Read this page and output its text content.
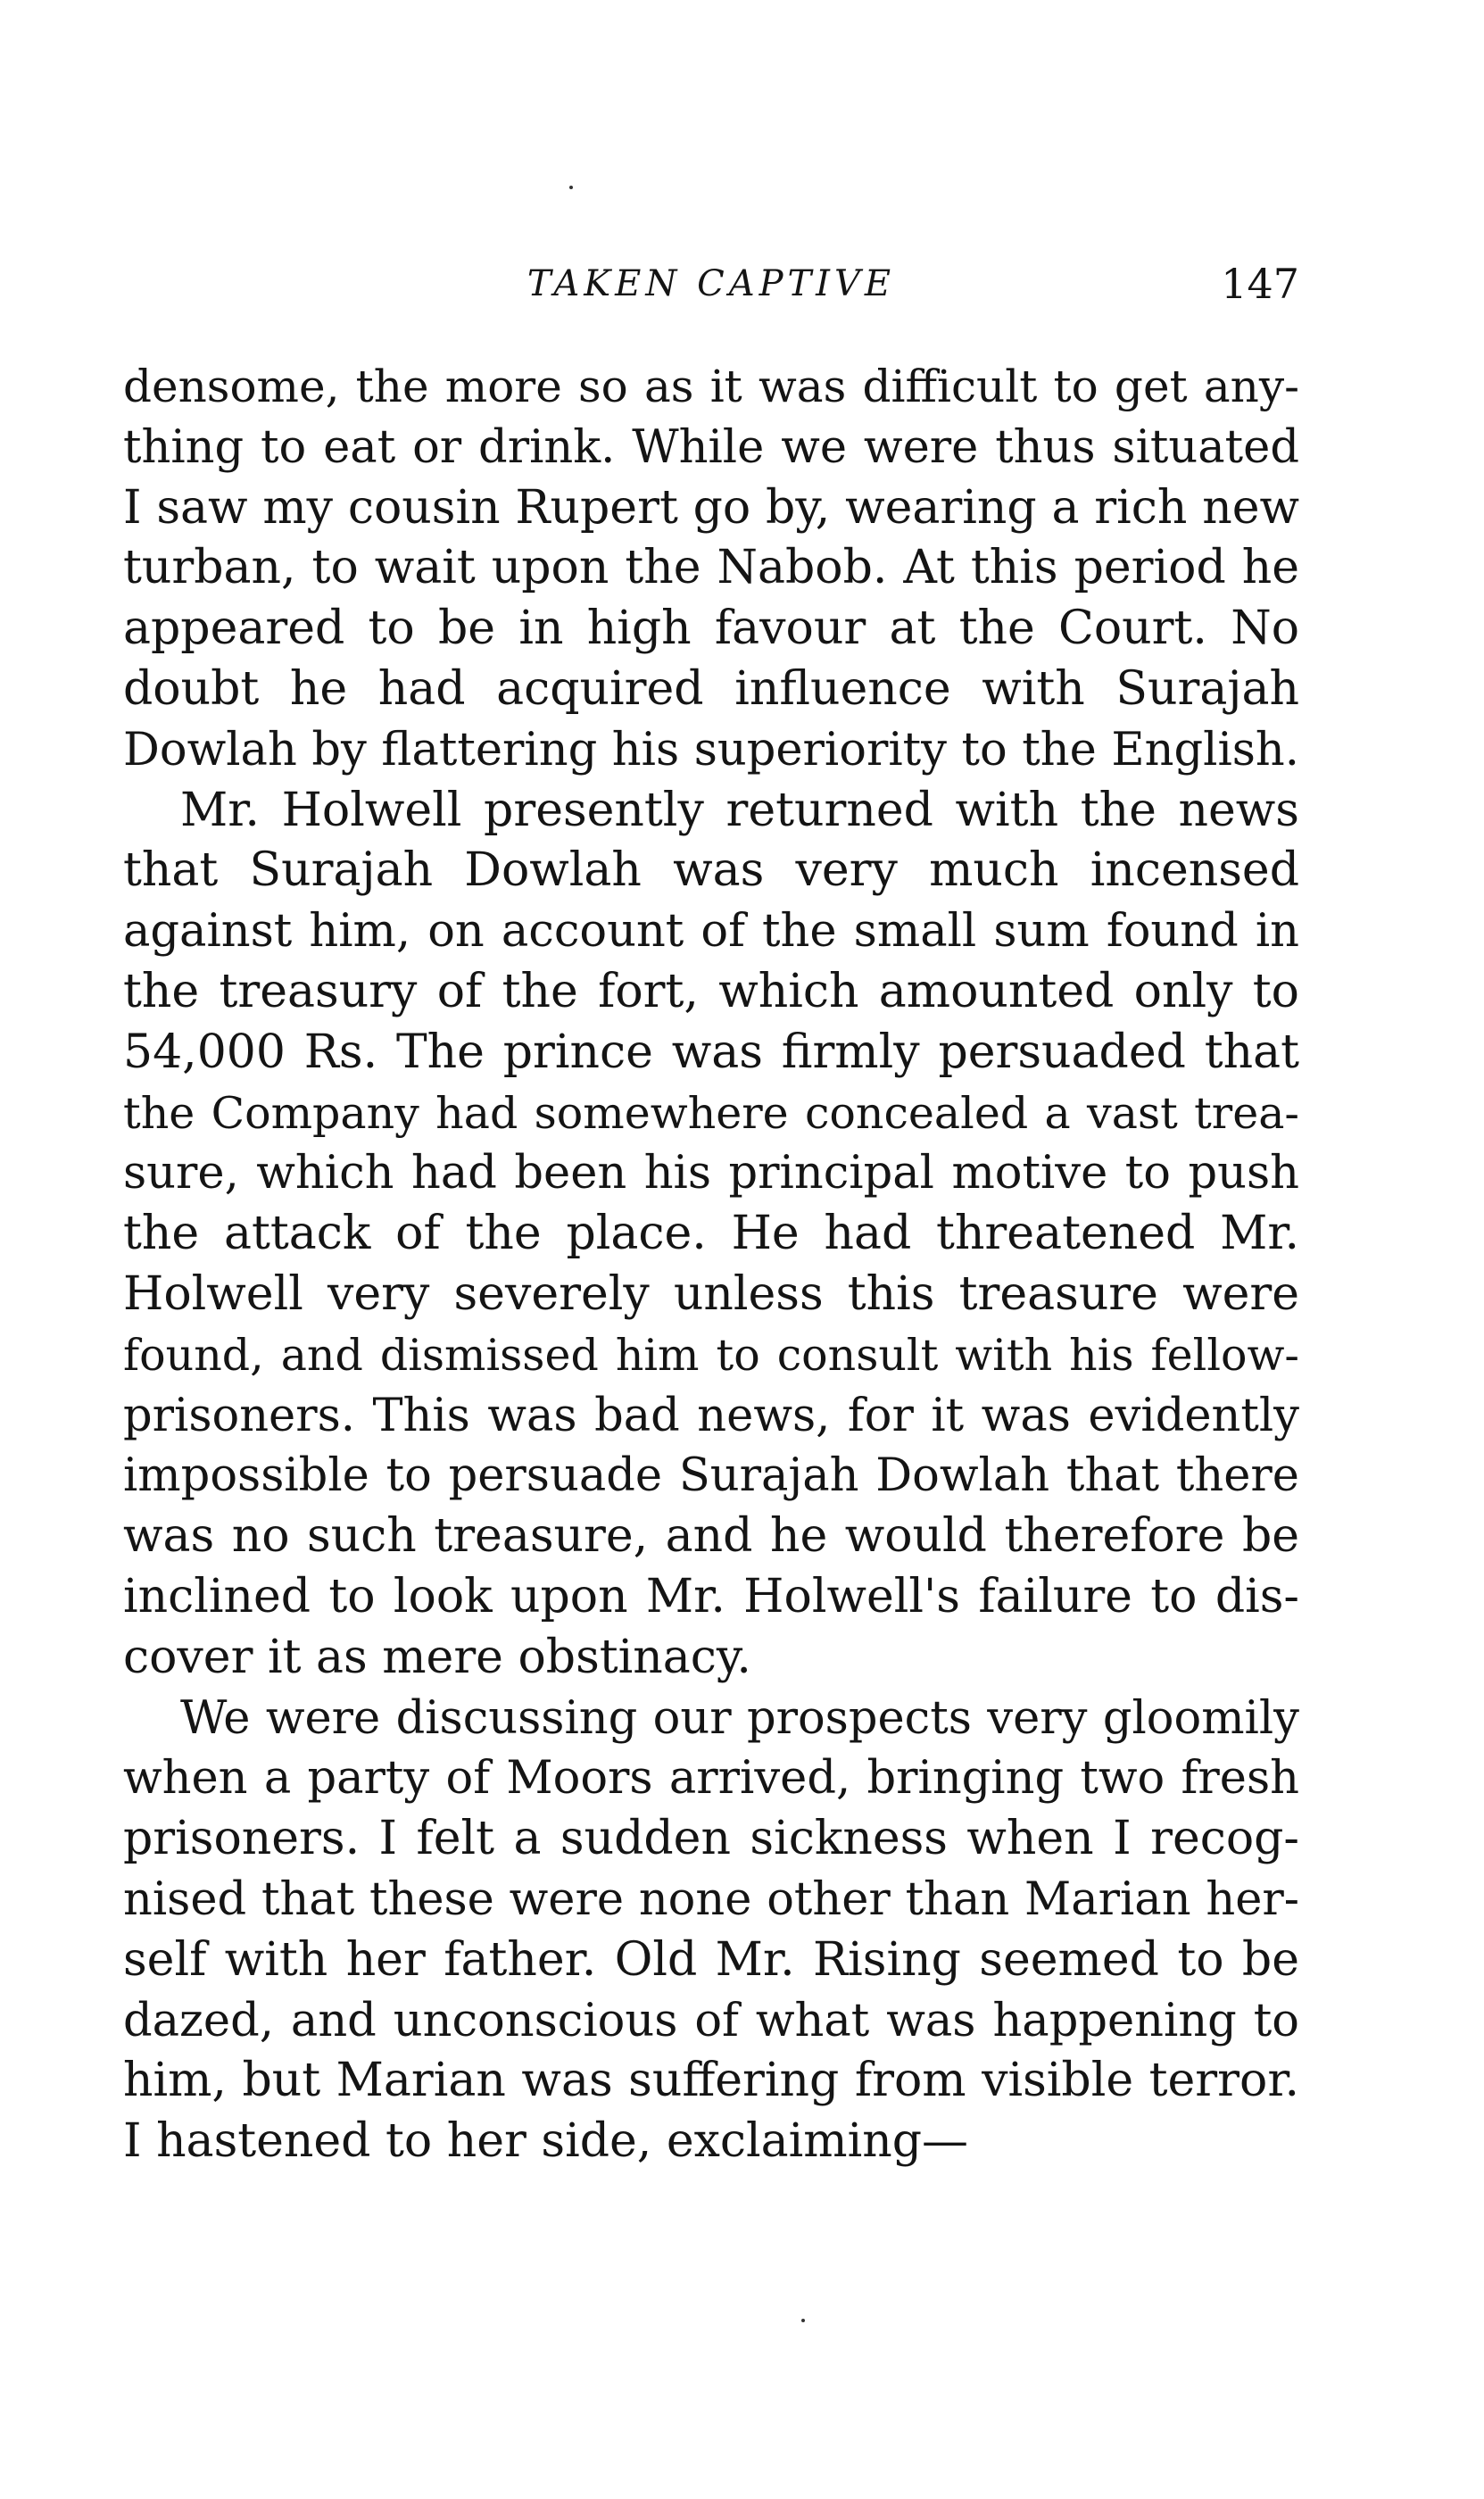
TAKEN CAPTIVE	147
densome, the more so as it was difficult to get any-
thing to eat or drink. While we were thus situated
I saw my cousin Rupert go by, wearing a rich new
turban, to wait upon the Nabob. At this period he
appeared to be in high favour at the Court. No
doubt he had acquired influence with Surajah
Dowlah by flattering his superiority to the English.
Mr. Holwell presently returned with the news
that Surajah Dowlah was very much incensed
against him, on account of the small sum found in
the treasury of the fort, which amounted only to
54,000 Rs. The prince was firmly persuaded that
the Company had somewhere concealed a vast trea-
sure, which had been his principal motive to push
the attack of the place. He had threatened Mr.
Holwell very severely unless this treasure were
found, and dismissed him to consult with his fellow-
prisoners. This was bad news, for it was evidently
impossible to persuade Surajah Dowlah that there
was no such treasure, and he would therefore be
inclined to look upon Mr. Holwell's failure to dis-
cover it as mere obstinacy.
We were discussing our prospects very gloomily
when a party of Moors arrived, bringing two fresh
prisoners. I felt a sudden sickness when I recog-
nised that these were none other than Marian her-
self with her father. Old Mr. Rising seemed to be
dazed, and unconscious of what was happening to
him, but Marian was suffering from visible terror.
I hastened to her side, exclaiming—
